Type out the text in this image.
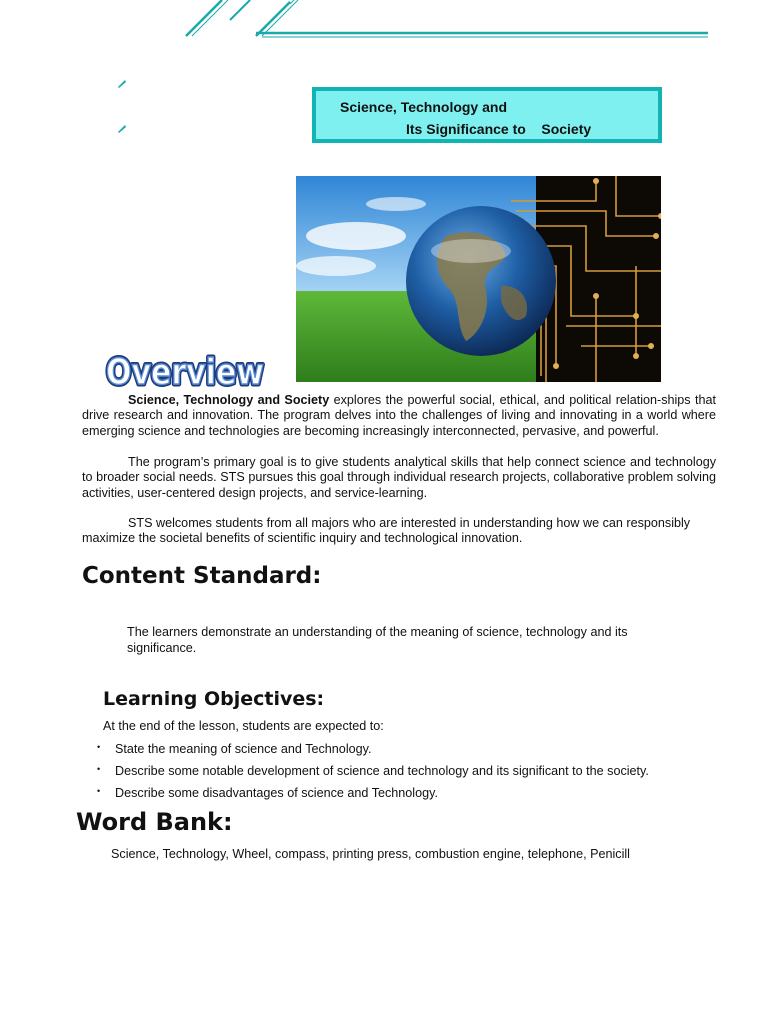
Science, Technology and
Its Significance to    Society
Overview
Overview
Science, Technology and Society explores the powerful social, ethical, and political relation-ships that drive research and innovation. The program delves into the challenges of living and innovating in a world where emerging science and technologies are becoming increasingly interconnected, pervasive, and powerful.
The program’s primary goal is to give students analytical skills that help connect science and technology to broader social needs. STS pursues this goal through individual research projects, collaborative problem solving activities, user-centered design projects, and service-learning.
STS welcomes students from all majors who are interested in understanding how we can responsibly maximize the societal benefits of scientific inquiry and technological innovation.
Content Standard:
The learners demonstrate an understanding of the meaning of science, technology and its significance.
Learning Objectives:
At the end of the lesson, students are expected to:
• State the meaning of science and Technology.
• Describe some notable development of science and technology and its significant to the society.
• Describe some disadvantages of science and Technology.
Word Bank:
Science, Technology, Wheel, compass, printing press, combustion engine, telephone, Penicill
